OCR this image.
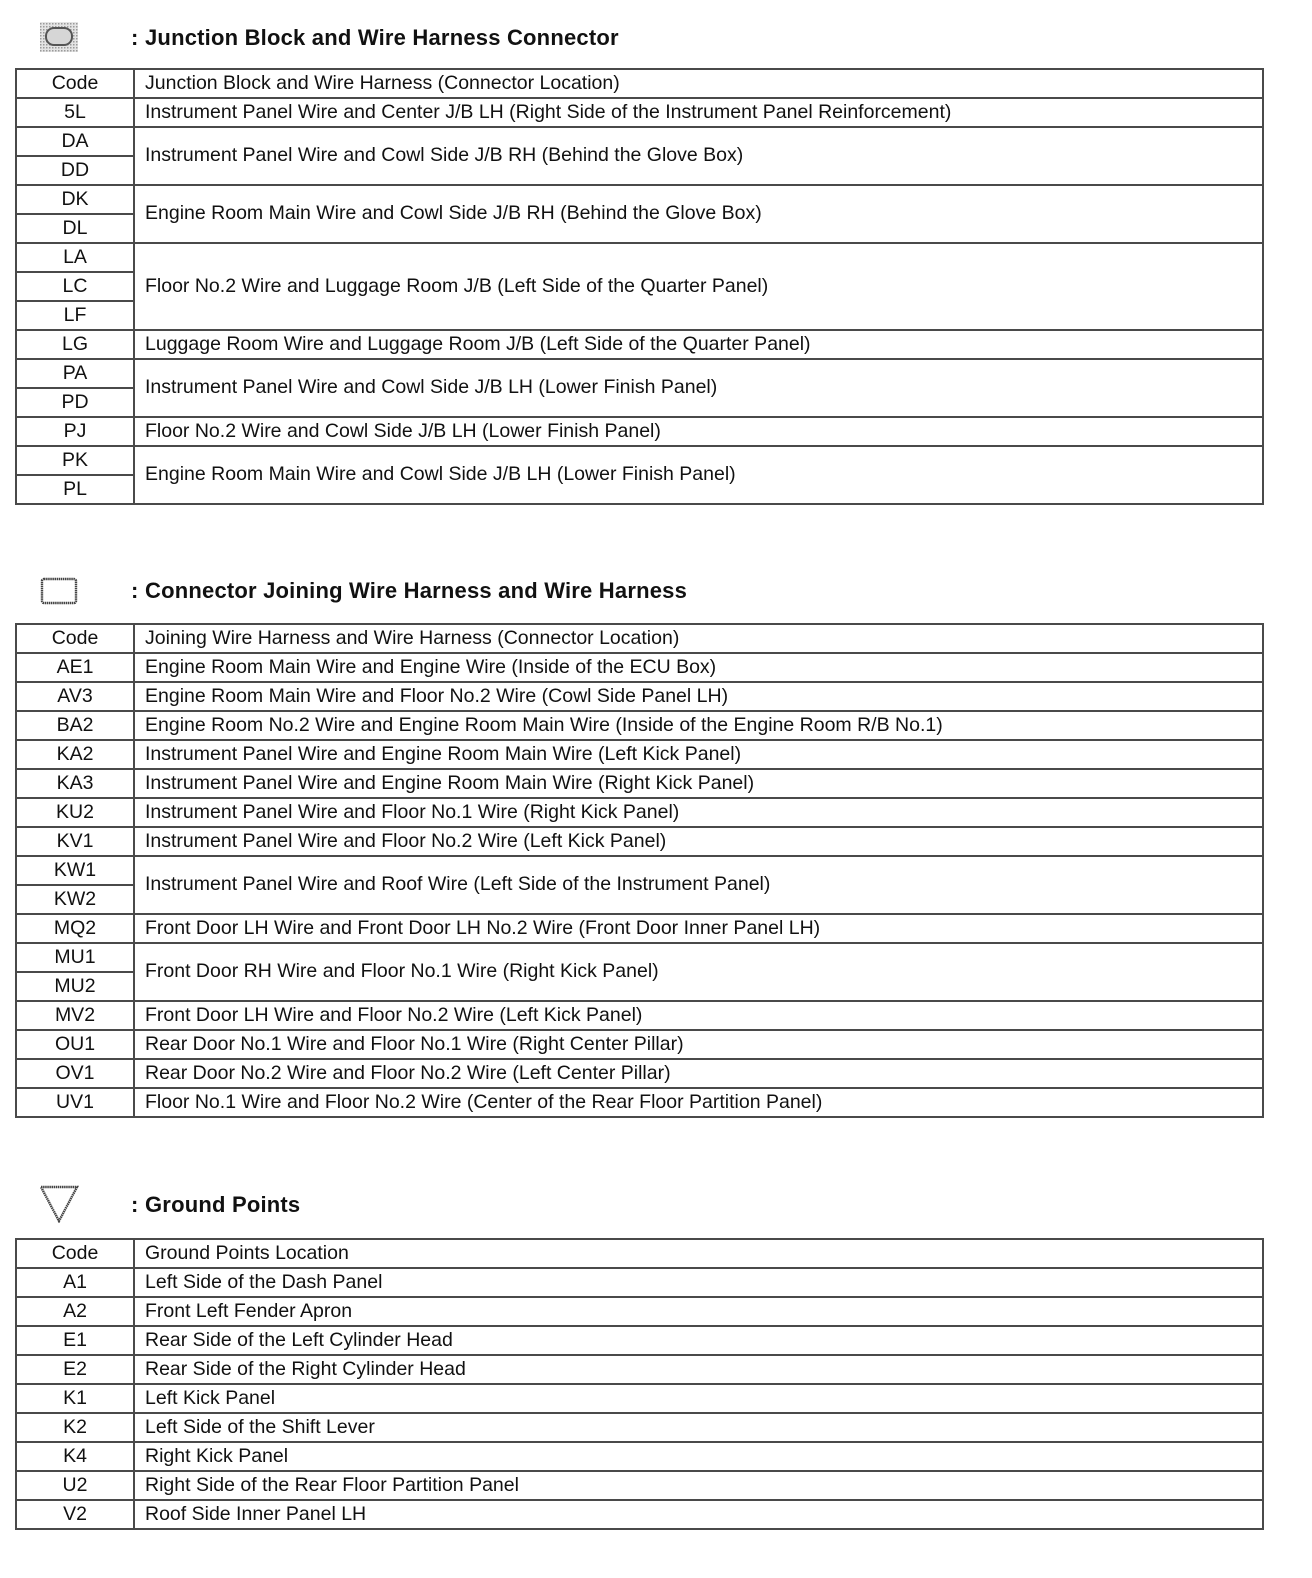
: Junction Block and Wire Harness Connector
Code	Junction Block and Wire Harness (Connector Location)
5L	Instrument Panel Wire and Center J/B LH (Right Side of the Instrument Panel Reinforcement)
DA	Instrument Panel Wire and Cowl Side J/B RH (Behind the Glove Box)
DD	
DK	Engine Room Main Wire and Cowl Side J/B RH (Behind the Glove Box)
DL	
LA	Floor No.2 Wire and Luggage Room J/B (Left Side of the Quarter Panel)
LC	
LF	
LG	Luggage Room Wire and Luggage Room J/B (Left Side of the Quarter Panel)
PA	Instrument Panel Wire and Cowl Side J/B LH (Lower Finish Panel)
PD	
PJ	Floor No.2 Wire and Cowl Side J/B LH (Lower Finish Panel)
PK	Engine Room Main Wire and Cowl Side J/B LH (Lower Finish Panel)
PL	
: Connector Joining Wire Harness and Wire Harness
Code	Joining Wire Harness and Wire Harness (Connector Location)
AE1	Engine Room Main Wire and Engine Wire (Inside of the ECU Box)
AV3	Engine Room Main Wire and Floor No.2 Wire (Cowl Side Panel LH)
BA2	Engine Room No.2 Wire and Engine Room Main Wire (Inside of the Engine Room R/B No.1)
KA2	Instrument Panel Wire and Engine Room Main Wire (Left Kick Panel)
KA3	Instrument Panel Wire and Engine Room Main Wire (Right Kick Panel)
KU2	Instrument Panel Wire and Floor No.1 Wire (Right Kick Panel)
KV1	Instrument Panel Wire and Floor No.2 Wire (Left Kick Panel)
KW1	Instrument Panel Wire and Roof Wire (Left Side of the Instrument Panel)
KW2	
MQ2	Front Door LH Wire and Front Door LH No.2 Wire (Front Door Inner Panel LH)
MU1	Front Door RH Wire and Floor No.1 Wire (Right Kick Panel)
MU2	
MV2	Front Door LH Wire and Floor No.2 Wire (Left Kick Panel)
OU1	Rear Door No.1 Wire and Floor No.1 Wire (Right Center Pillar)
OV1	Rear Door No.2 Wire and Floor No.2 Wire (Left Center Pillar)
UV1	Floor No.1 Wire and Floor No.2 Wire (Center of the Rear Floor Partition Panel)
: Ground Points
Code	Ground Points Location
A1	Left Side of the Dash Panel
A2	Front Left Fender Apron
E1	Rear Side of the Left Cylinder Head
E2	Rear Side of the Right Cylinder Head
K1	Left Kick Panel
K2	Left Side of the Shift Lever
K4	Right Kick Panel
U2	Right Side of the Rear Floor Partition Panel
V2	Roof Side Inner Panel LH
